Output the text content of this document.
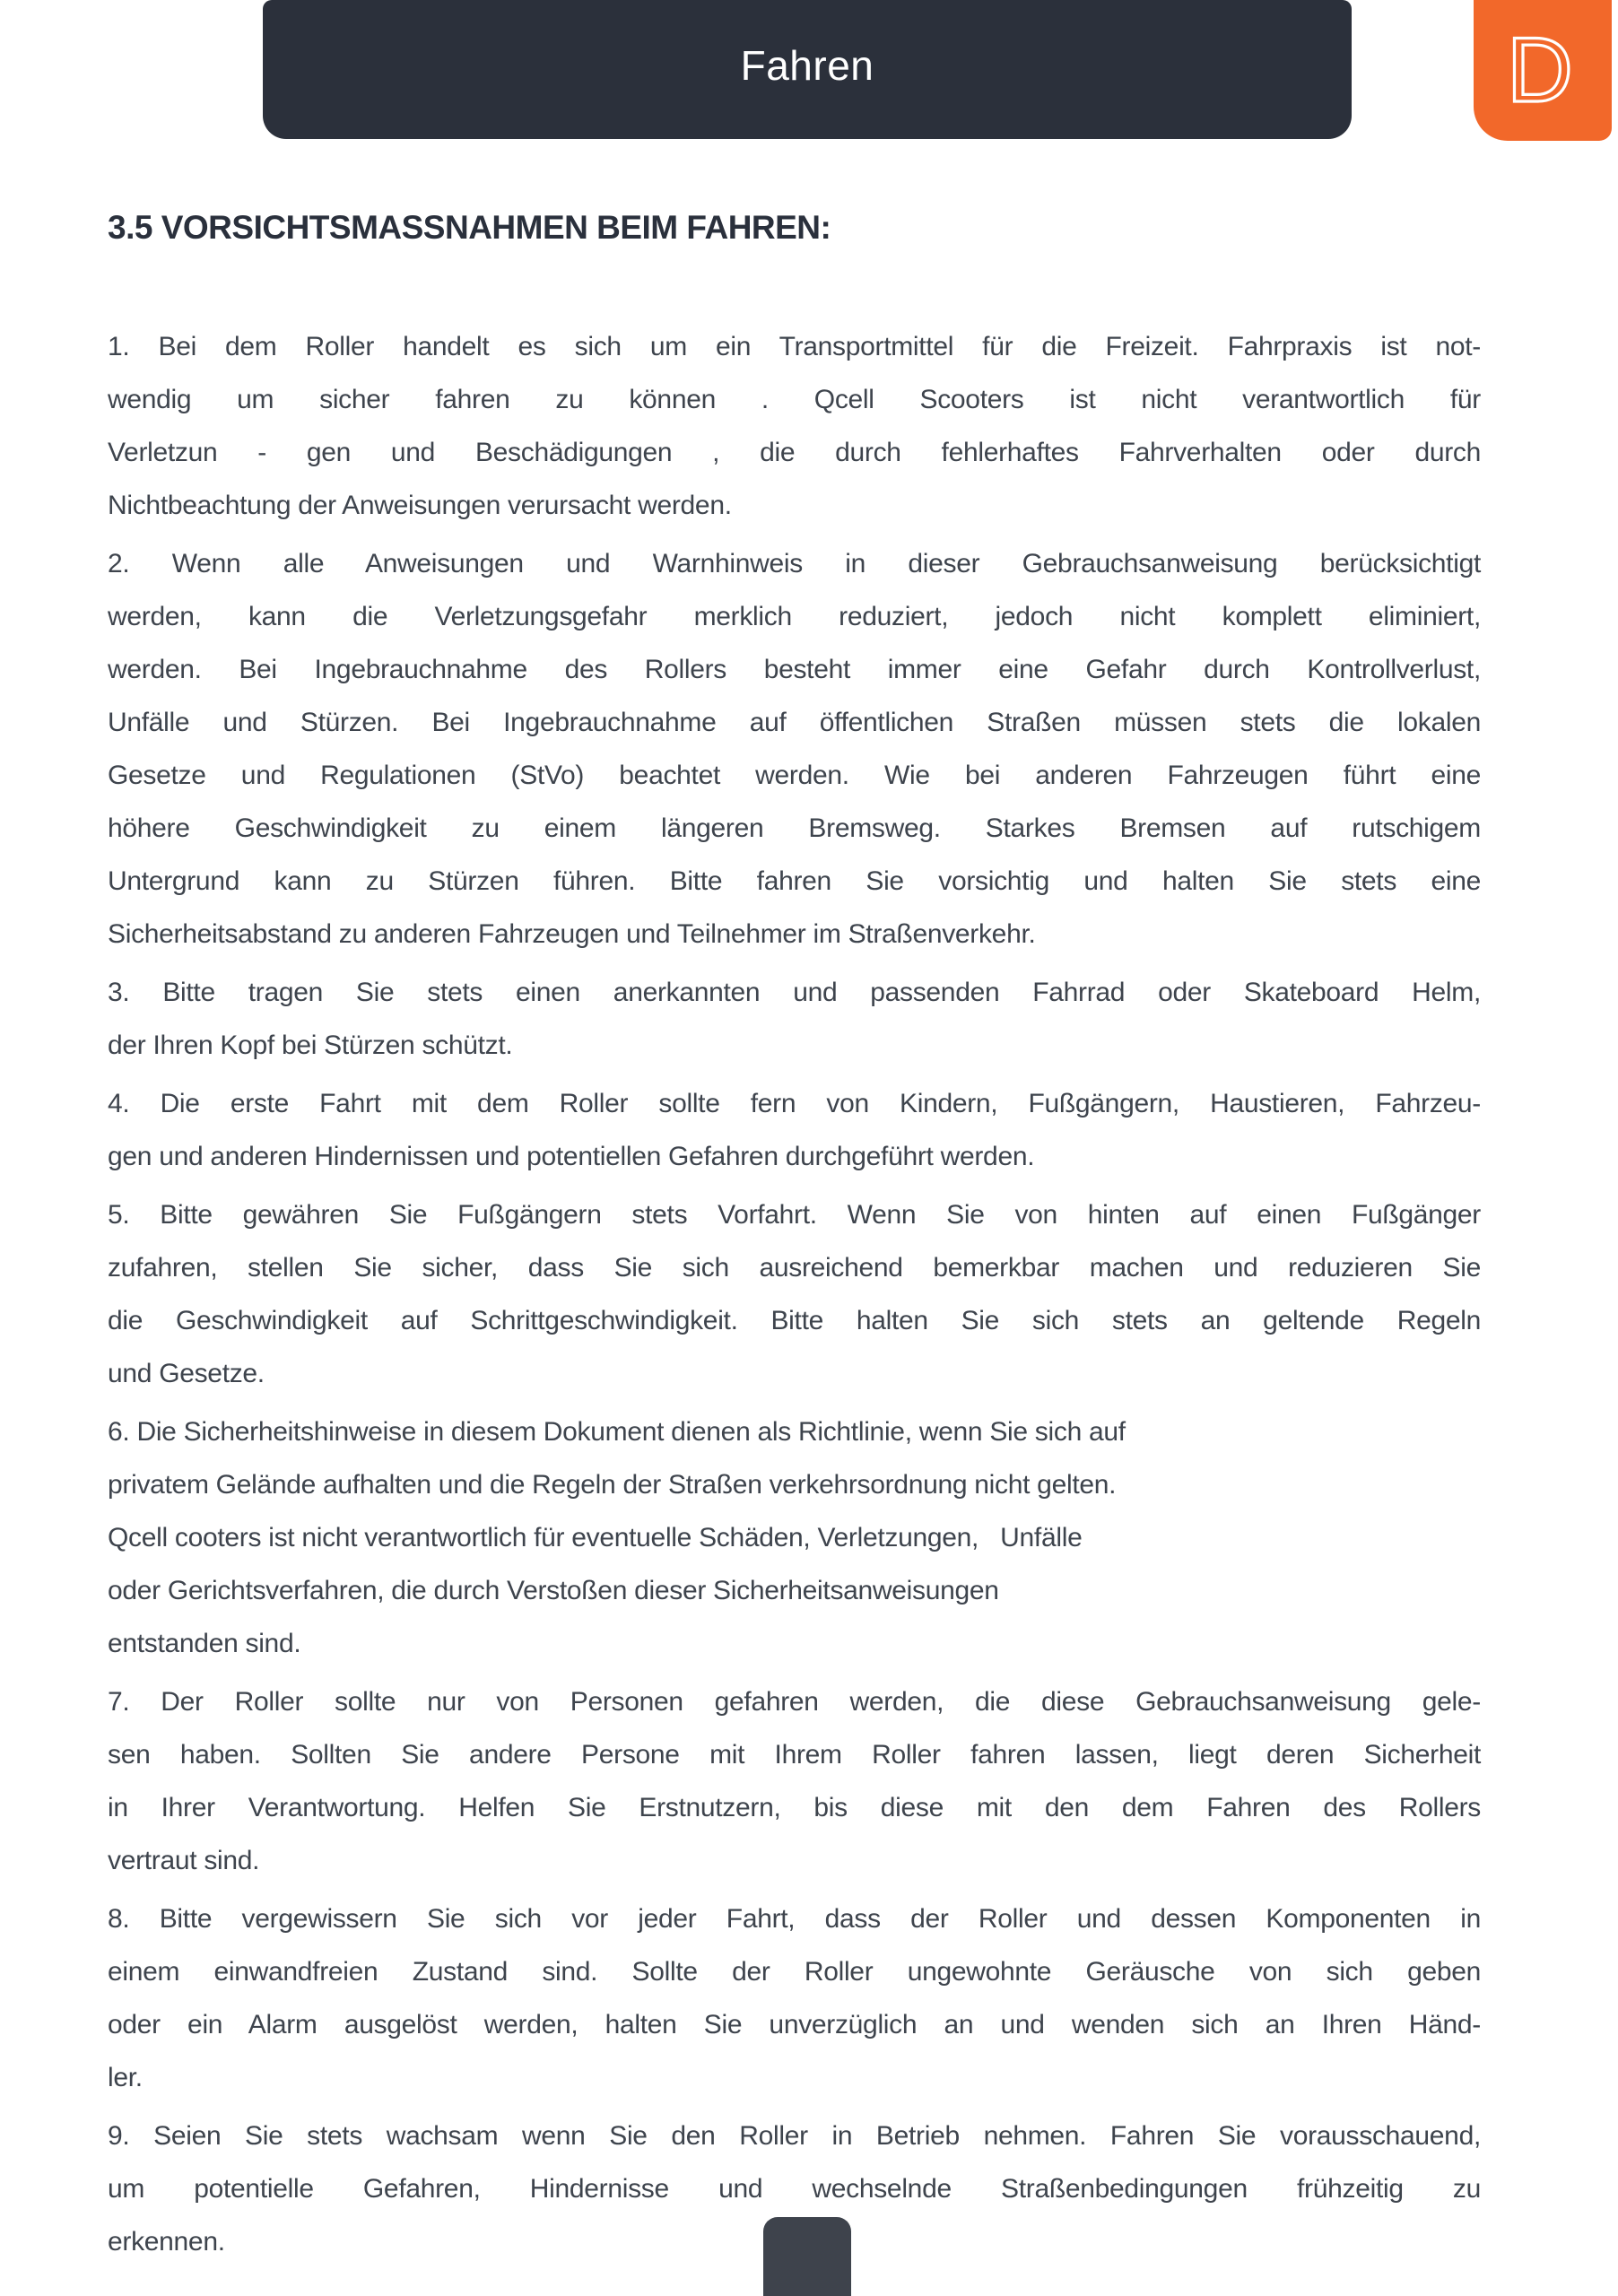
Fahren	D
3.5 VORSICHTSMASSNAHMEN BEIM FAHREN:
1. Bei dem Roller handelt es sich um ein Transportmittel für die Freizeit. Fahrpraxis ist not-
wendig um sicher fahren zu können . Qcell Scooters ist nicht verantwortlich für
Verletzun - gen und Beschädigungen , die durch fehlerhaftes Fahrverhalten oder durch
Nichtbeachtung der Anweisungen verursacht werden.
2. Wenn alle Anweisungen und Warnhinweis in dieser Gebrauchsanweisung berücksichtigt
werden, kann die Verletzungsgefahr merklich reduziert, jedoch nicht komplett eliminiert,
werden. Bei Ingebrauchnahme des Rollers besteht immer eine Gefahr durch Kontrollverlust,
Unfälle und Stürzen. Bei Ingebrauchnahme auf öffentlichen Straßen müssen stets die lokalen
Gesetze und Regulationen (StVo) beachtet werden. Wie bei anderen Fahrzeugen führt eine
höhere Geschwindigkeit zu einem längeren Bremsweg. Starkes Bremsen auf rutschigem
Untergrund kann zu Stürzen führen. Bitte fahren Sie vorsichtig und halten Sie stets eine
Sicherheitsabstand zu anderen Fahrzeugen und Teilnehmer im Straßenverkehr.
3. Bitte tragen Sie stets einen anerkannten und passenden Fahrrad oder Skateboard Helm,
der Ihren Kopf bei Stürzen schützt.
4. Die erste Fahrt mit dem Roller sollte fern von Kindern, Fußgängern, Haustieren, Fahrzeu-
gen und anderen Hindernissen und potentiellen Gefahren durchgeführt werden.
5. Bitte gewähren Sie Fußgängern stets Vorfahrt. Wenn Sie von hinten auf einen Fußgänger
zufahren, stellen Sie sicher, dass Sie sich ausreichend bemerkbar machen und reduzieren Sie
die Geschwindigkeit auf Schrittgeschwindigkeit. Bitte halten Sie sich stets an geltende Regeln
und Gesetze.
6. Die Sicherheitshinweise in diesem Dokument dienen als Richtlinie, wenn Sie sich auf
privatem Gelände aufhalten und die Regeln der Straßen verkehrsordnung nicht gelten.
Qcell cooters ist nicht verantwortlich für eventuelle Schäden, Verletzungen,   Unfälle
oder Gerichtsverfahren, die durch Verstoßen dieser Sicherheitsanweisungen
entstanden sind.
7. Der Roller sollte nur von Personen gefahren werden, die diese Gebrauchsanweisung gele-
sen haben. Sollten Sie andere Persone mit Ihrem Roller fahren lassen, liegt deren Sicherheit
in Ihrer Verantwortung. Helfen Sie Erstnutzern, bis diese mit den dem Fahren des Rollers
vertraut sind.
8. Bitte vergewissern Sie sich vor jeder Fahrt, dass der Roller und dessen Komponenten in
einem einwandfreien Zustand sind. Sollte der Roller ungewohnte Geräusche von sich geben
oder ein Alarm ausgelöst werden, halten Sie unverzüglich an und wenden sich an Ihren Händ-
ler.
9. Seien Sie stets wachsam wenn Sie den Roller in Betrieb nehmen. Fahren Sie vorausschauend,
um potentielle Gefahren, Hindernisse und wechselnde Straßenbedingungen frühzeitig zu
erkennen.
